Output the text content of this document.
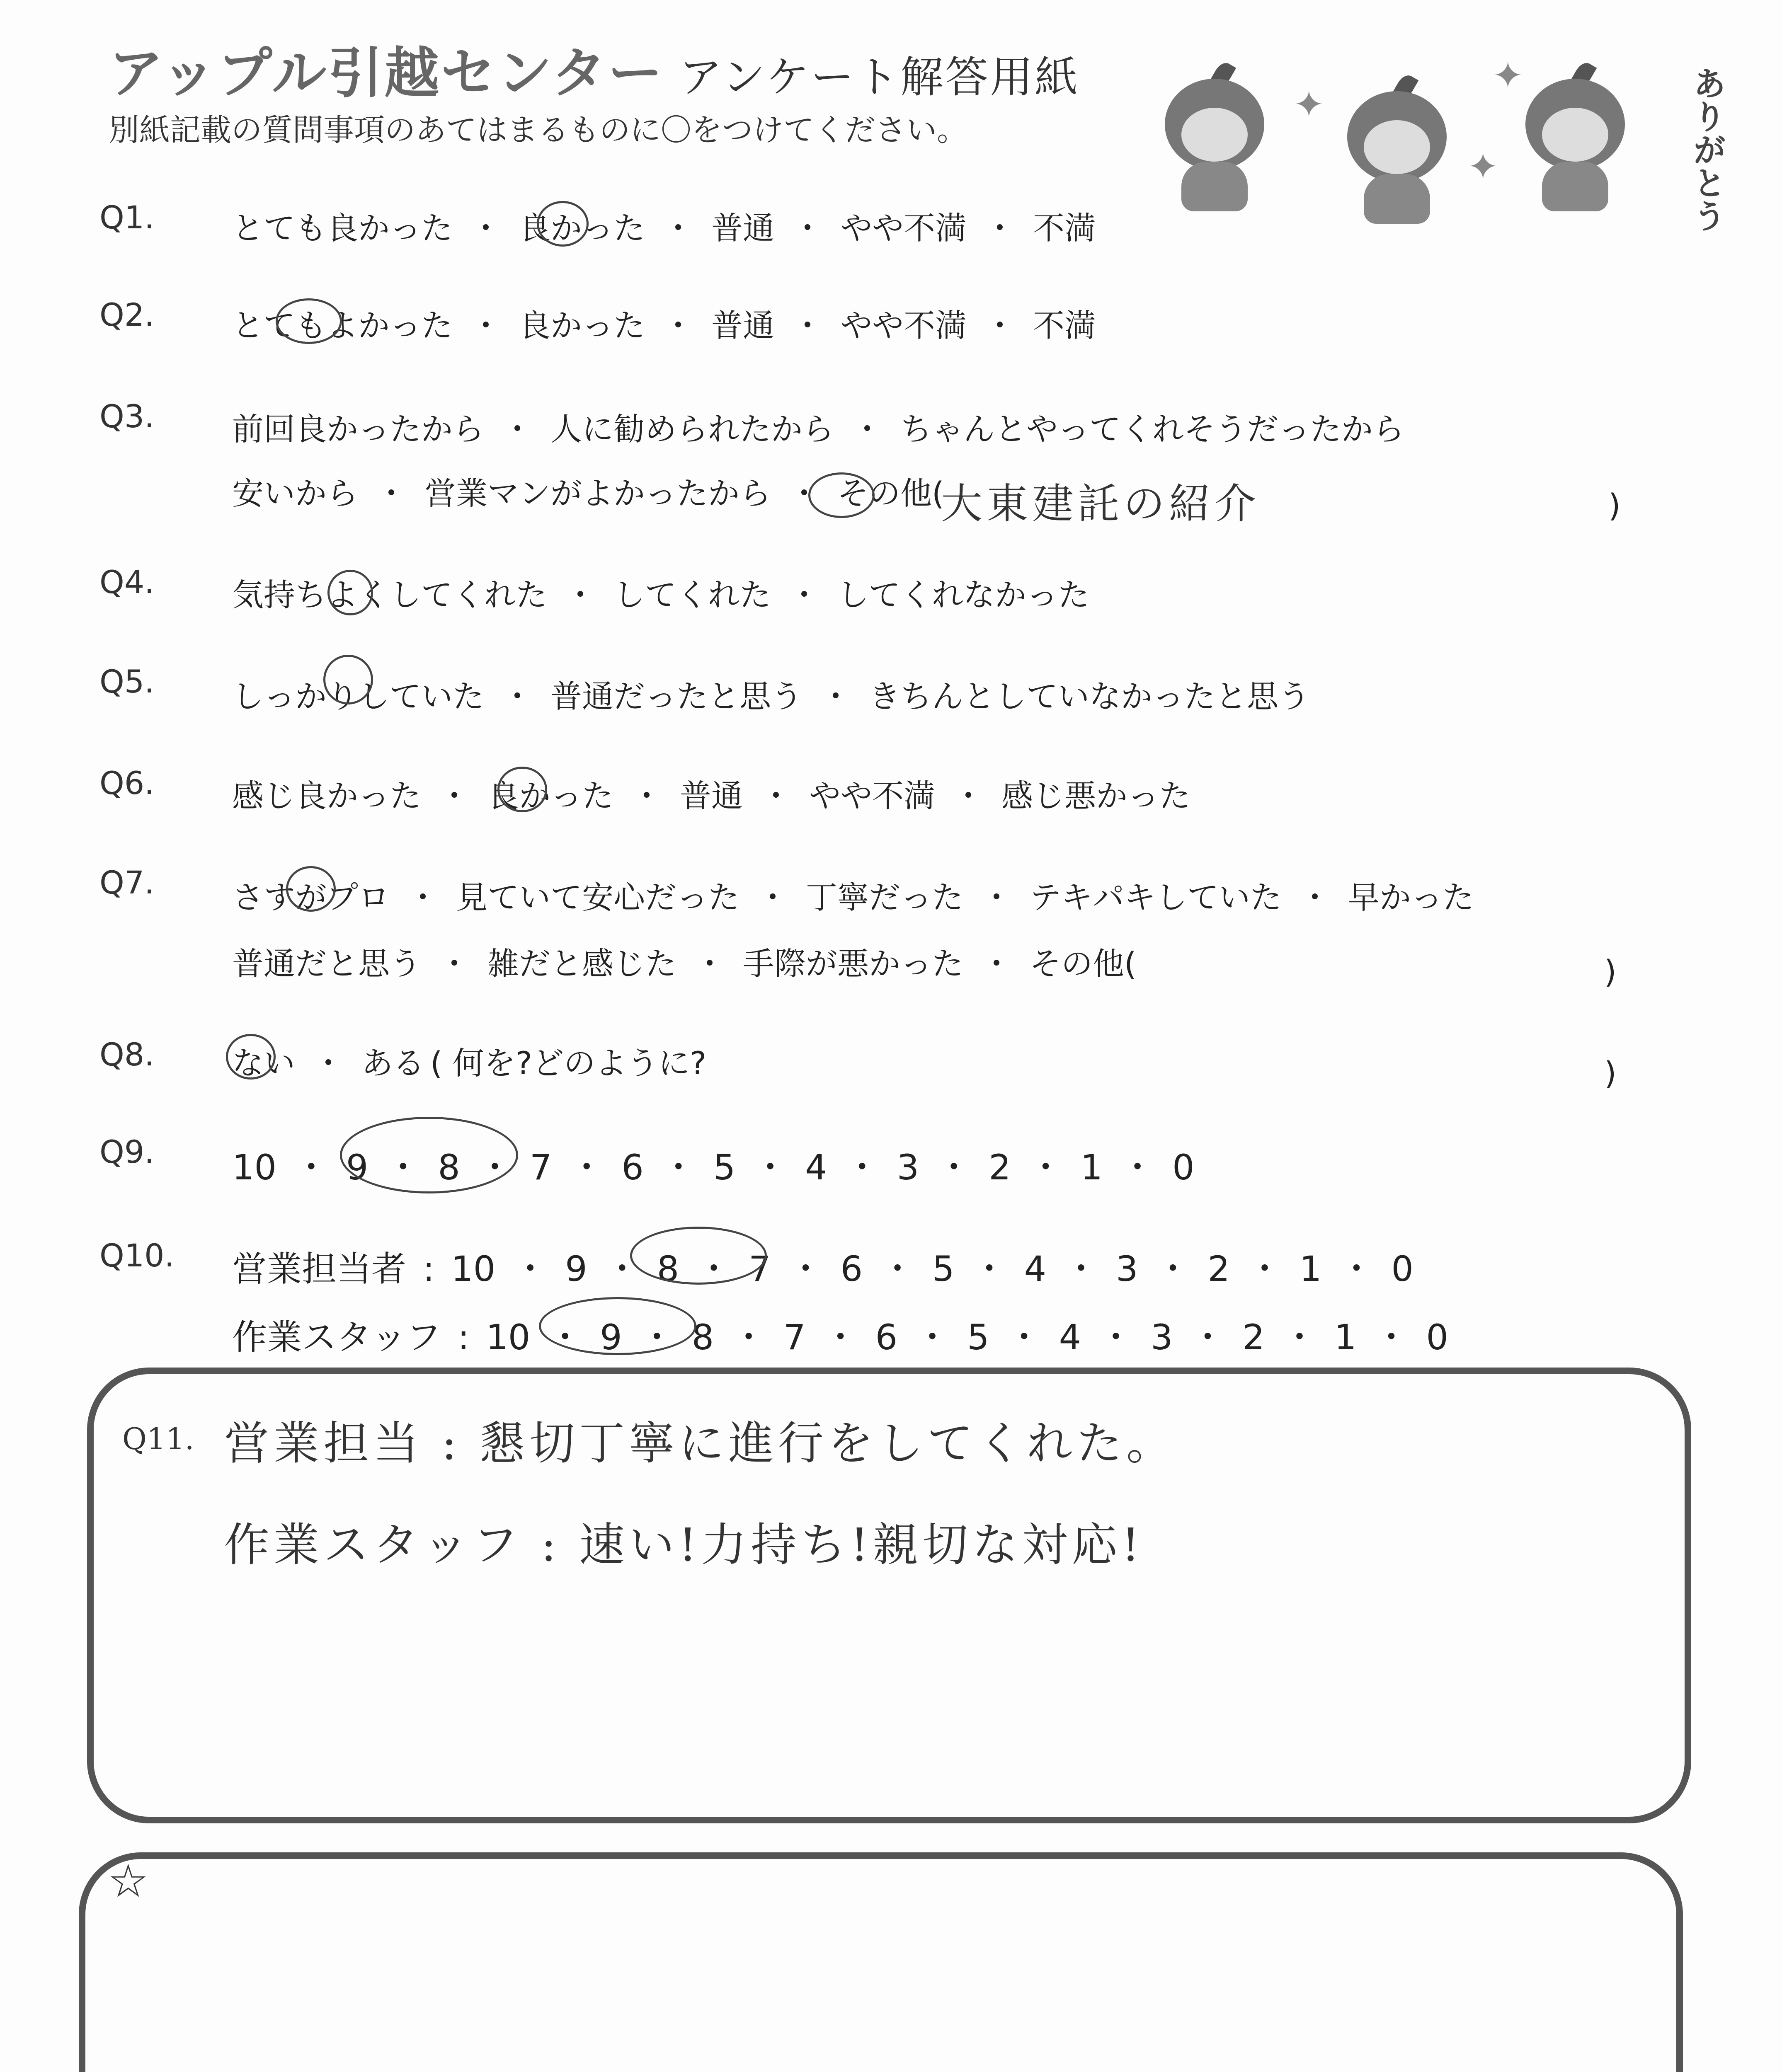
アップル引越センター アンケート解答用紙
別紙記載の質問事項のあてはまるものに〇をつけてください。
✦
✦
✦	ありがとう
Q1. とても良かった ・ 良かった ・ 普通 ・ やや不満 ・ 不満
Q2. とてもよかった ・ 良かった ・ 普通 ・ やや不満 ・ 不満
Q3. 前回良かったから ・ 人に勧められたから ・ ちゃんとやってくれそうだったから
安いから ・ 営業マンがよかったから ・ その他(
大東建託の紹介	)
Q4. 気持ちよくしてくれた ・ してくれた ・ してくれなかった
Q5. しっかりしていた ・ 普通だったと思う ・ きちんとしていなかったと思う
Q6. 感じ良かった ・ 良かった ・ 普通 ・ やや不満 ・ 感じ悪かった
Q7. さすがプロ ・ 見ていて安心だった ・ 丁寧だった ・ テキパキしていた ・ 早かった
普通だと思う ・ 雑だと感じた ・ 手際が悪かった ・ その他(	)
Q8. ない ・ ある ( 何を?どのように?	)
Q9. 10 ・ 9 ・ 8 ・ 7 ・ 6 ・ 5 ・ 4 ・ 3 ・ 2 ・ 1 ・ 0
Q10. 営業担当者 : 10 ・ 9 ・ 8 ・ 7 ・ 6 ・ 5 ・ 4 ・ 3 ・ 2 ・ 1 ・ 0
作業スタッフ : 10 ・ 9 ・ 8 ・ 7 ・ 6 ・ 5 ・ 4 ・ 3 ・ 2 ・ 1 ・ 0
Q11. 営業担当 : 懇切丁寧に進行をしてくれた。
作業スタッフ : 速い!力持ち!親切な対応!
☆
